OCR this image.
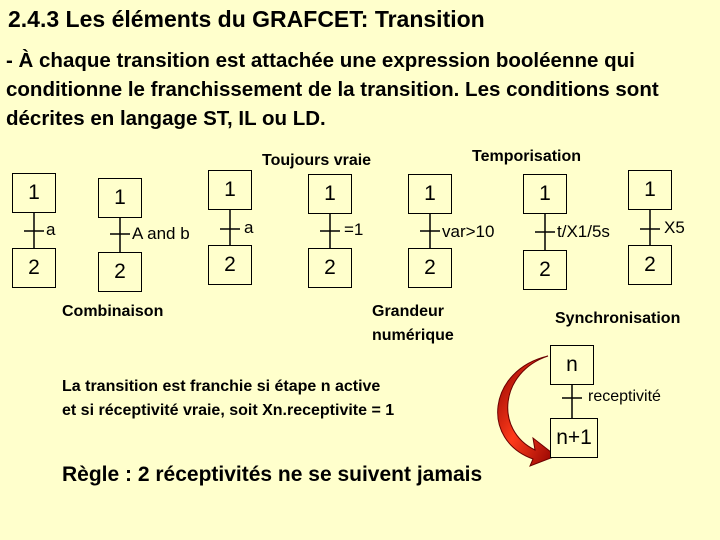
2.4.3 Les éléments du GRAFCET: Transition
- À chaque transition est attachée une expression booléenne qui conditionne le franchissement de la transition. Les conditions sont décrites en langage ST, IL ou LD.
Toujours vraie	Temporisation
1	1	1	1	1	1	1
2	2	2	2	2	2	2
a	A and b	a	=1	var>10	t/X1/5s	X5
Combinaison	Grandeur
numérique
Synchronisation
La transition est franchie si étape n active
et si réceptivité vraie, soit Xn.receptivite = 1
n
receptivité
n+1
Règle : 2 réceptivités ne se suivent jamais
